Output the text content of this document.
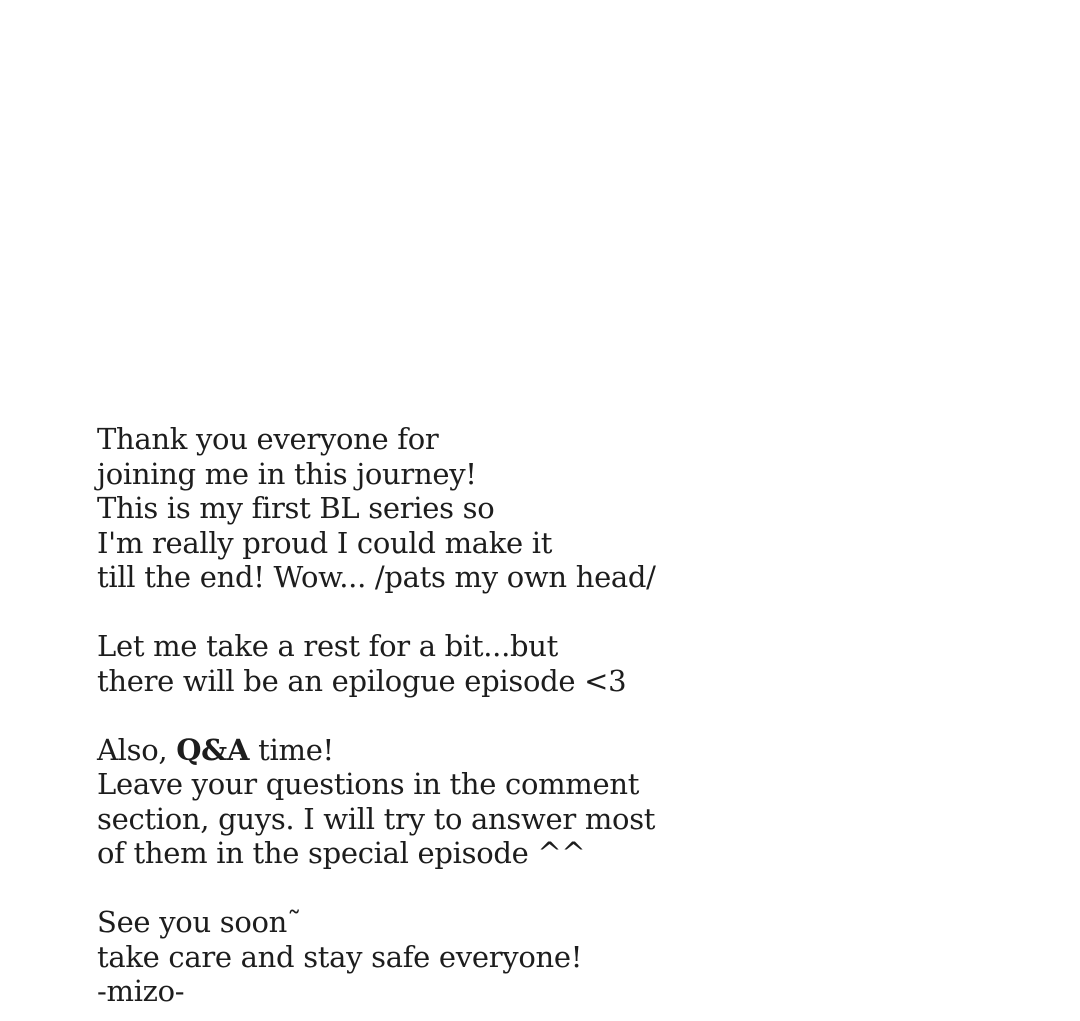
Thank you everyone for
joining me in this journey!
This is my first BL series so
I'm really proud I could make it
till the end! Wow... /pats my own head/
Let me take a rest for a bit...but
there will be an epilogue episode <3
Also, Q&A time!
Leave your questions in the comment
section, guys. I will try to answer most
of them in the special episode ^^
See you soon˜
take care and stay safe everyone!
-mizo-
